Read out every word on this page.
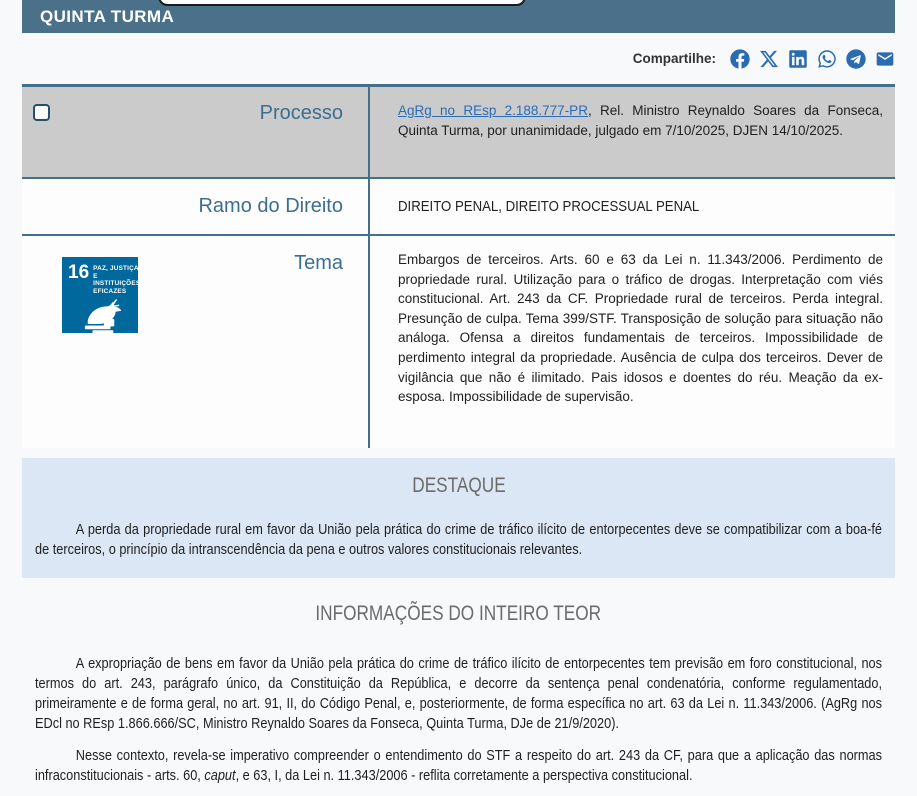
QUINTA TURMA
Compartilhe:
Processo	AgRg no REsp 2.188.777-PR, Rel. Ministro Reynaldo Soares da Fonseca, Quinta Turma, por unanimidade, julgado em 7/10/2025, DJEN 14/10/2025.
Ramo do Direito	DIREITO PENAL, DIREITO PROCESSUAL PENAL
16 PAZ, JUSTIÇA E
INSTITUIÇÕES
EFICAZES
Tema	Embargos de terceiros. Arts. 60 e 63 da Lei n. 11.343/2006. Perdimento de propriedade rural. Utilização para o tráfico de drogas. Interpretação com viés constitucional. Art. 243 da CF. Propriedade rural de terceiros. Perda integral. Presunção de culpa. Tema 399/STF. Transposição de solução para situação não análoga. Ofensa a direitos fundamentais de terceiros. Impossibilidade de perdimento integral da propriedade. Ausência de culpa dos terceiros. Dever de vigilância que não é ilimitado. Pais idosos e doentes do réu. Meação da ex-esposa. Impossibilidade de supervisão.
DESTAQUE
A perda da propriedade rural em favor da União pela prática do crime de tráfico ilícito de entorpecentes deve se compatibilizar com a boa-fé de terceiros, o princípio da intranscendência da pena e outros valores constitucionais relevantes.
INFORMAÇÕES DO INTEIRO TEOR
A expropriação de bens em favor da União pela prática do crime de tráfico ilícito de entorpecentes tem previsão em foro constitucional, nos termos do art. 243, parágrafo único, da Constituição da República, e decorre da sentença penal condenatória, conforme regulamentado, primeiramente e de forma geral, no art. 91, II, do Código Penal, e, posteriormente, de forma específica no art. 63 da Lei n. 11.343/2006. (AgRg nos EDcl no REsp 1.866.666/SC, Ministro Reynaldo Soares da Fonseca, Quinta Turma, DJe de 21/9/2020).
Nesse contexto, revela-se imperativo compreender o entendimento do STF a respeito do art. 243 da CF, para que a aplicação das normas infraconstitucionais - arts. 60, caput, e 63, I, da Lei n. 11.343/2006 - reflita corretamente a perspectiva constitucional.
